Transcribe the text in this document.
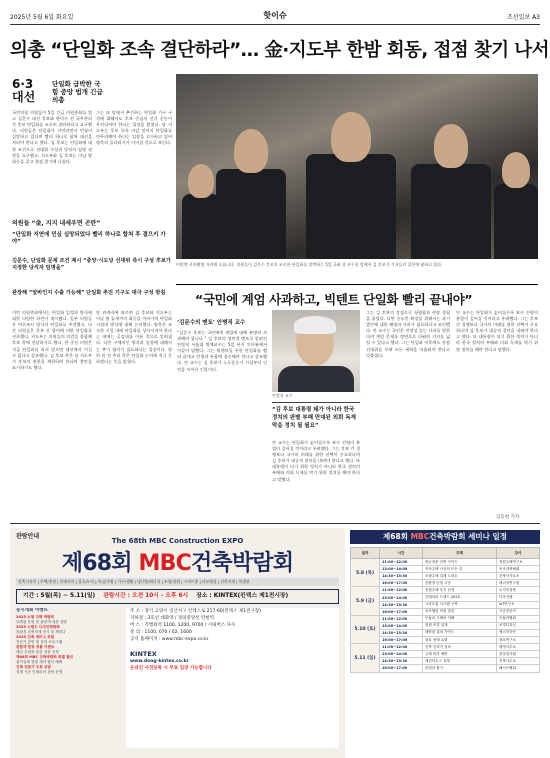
2025년 5월 6일 화요일	핫이슈	조선일보 A3
의총 “단일화 조속 결단하라”… 金·지도부 한밤 회동, 접점 찾기 나서
6·3 대선
단일화 급박한 국힘 중앙 법개 긴급의총
국민의힘 의원들이 5일 긴급 의원총회를 열고 김문수 대선 후보와 한덕수 전 국무총리 간 후보 단일화를 조속히 결단하라고 요구했다. 의원들은 단일화가 지연되면서 민심이 실망하고 있다며 빨리 하나로 합쳐 대선을 치러야 한다고 했다. 김 후보는 단일화에 대한 조건으로 선대위 구성과 당직자 임명 권한을 요구했고, 지도부와 김 후보는 이날 밤 회동을 갖고 접점 찾기에 나섰다.
그는 또 당에서 추진하는 단일화 기구 구성에 대해서도 후보 중심의 선거 운동이 우선되어야 한다는 입장을 밝혔다. 당 지도부는 후보 등록 마감 전까지 단일화를 마무리해야 한다는 입장을 고수하고 있어 양측의 줄다리기가 이어질 것으로 보인다.
의원들 “金, 지지 내세우면 곤란”
“단일화 지연에 민심 실망되었다 빨리 하나로 합쳐 후 결으키 가야”
김문수, 단일화 문제 조건 제시 “중앙·시도당 선대위 즉시 구성 후보가 지정한 당직자 임명을”
관장해 “알바인지 수출 가능해” 단일화 추진 기구도 대극 구성 방침
이번 의원총회에서는 단일화 일정과 방식에 대한 다양한 의견이 제시됐다. 일부 의원들은 여론조사 방식의 단일화를 주장했고, 다른 의원들은 후보 간 합의에 의한 단일화를 선호했다. 지도부는 의원들의 의견을 종합해 후보 측에 전달하기로 했다. 한 중진 의원은 지금 단일화를 하지 않으면 대선에서 이길 수 없다고 강조했다. 김 후보 측은 당 지도부가 후보의 권한을 제한하려 한다며 불만을 표시하기도 했다.
당 관계자에 따르면 김 후보와 지도부는 이날 밤 늦게까지 회동을 이어가며 단일화 시점과 방식에 대해 논의했다. 양측은 조속한 시일 내에 단일화를 성사시켜야 한다는 데에는 공감대를 이룬 것으로 알려졌다. 다만 구체적인 방식과 일정에 대해서는 추가 협의가 필요하다는 입장이다. 한편 한 전 총리 측은 단일화 논의에 적극 응하겠다는 뜻을 밝혔다.
이번엔 사진촬영 자리에 오릅니다. 의원들이 김문수 후보의 조속한 단일화를 압박하는 5일 국회 당 사무실 앞에서 김 후보가 기자들의 질문에 답하고 있다.
“국민에 계엄 사과하고, 빅텐트 단일화 빨리 끝내야”
‘김문수의 멘토’ 안병직 교수
“김문수 후보는 국민에게 계엄에 대해 분명히 사과해야 합니다.” 김 후보의 정치적 멘토로 알려진 안병직 서울대 명예교수는 5일 본지 인터뷰에서 이같이 말했다. 그는 빅텐트를 통한 단일화를 빨리 끝내고 민생과 통합에 집중해야 한다고 강조했다. 안 교수는 김 후보가 노동운동가 시절부터 인연을 이어온 인물이다.
안병직 교수
“김 후보 대통령 돼가 아니라 한국 정치의 판별 부패 만대된 외회 독재 막을 정치 될 필요”
안 교수는 단일화가 늦어질수록 보수 진영의 분열이 깊어질 것이라고 우려했다. 그는 후보 간 경쟁보다 국가의 미래를 위한 선택이 중요하다며 김 후보가 대승적 결단을 내려야 한다고 했다. 또 대통령이 되기 위한 정치가 아니라 한국 정치의 부패와 의회 독재를 막기 위한 정치를 해야 한다고 말했다.
그는 김 후보의 강점으로 청렴함과 현장 경험을 꼽았다. 다만 중도층 확장을 위해서는 과거 발언에 대한 해명과 사과가 필요하다고 조언했다. 안 교수는 국민은 진정성 있는 사과를 원한다며 계엄 문제를 정면으로 다뤄야 지지를 넓힐 수 있다고 했다. 그는 단일화 이후에도 통합 선대위를 꾸려 모든 세력을 아울러야 한다고 덧붙였다.
안 교수는 단일화가 늦어질수록 보수 진영의 분열이 깊어질 것이라고 우려했다. 그는 후보 간 경쟁보다 국가의 미래를 위한 선택이 중요하다며 김 후보가 대승적 결단을 내려야 한다고 했다. 또 대통령이 되기 위한 정치가 아니라 한국 정치의 부패와 의회 독재를 막기 위한 정치를 해야 한다고 말했다.
김동현 기자
관람안내
The 68th MBC Construction EXPO
제68회 MBC건축박람회
건축디자인 | 주택/전원 | 인테리어 | 창호/도어 | 욕실/주방 | 가구/생활 | 냉난방/에너지 | 조경/정원 | 스마트홈 | 리모델링 | 건축자재 | 특별관
기간 : 5월(목) ~ 5.11(일) 관람시간 : 오전 10시 - 오후 6시 장소 : KINTEX(킨텍스 제1전시장)
동시개최 이벤트
2025 소형 주택 박람회
특별관 운영 및 관람객 대상 상담
2025 스탠드 디자인박람회
친환경 건축자재 전시 및 세미나
2025 건축 세미나 포럼
전문가 강연 및 상담 프로그램
관람객 현장 경품 이벤트
매일 추첨을 통한 경품 증정
제68회 MBC 건축박람회 특별 할인
참가업체 현장 계약 할인 혜택
건축 전문가 무료 상담
설계 시공 인테리어 상담 운영
주 소 : 경기 고양시 일산서구 킨텍스로 217-60(킨텍스 제1전시장)
지하철 : 3호선 대화역 / 경의중앙선 탄현역
버 스 : 직행좌석 1100, 1200, 9700 / 시내버스 다수
문 의 : 1100, 070 / 02, 1600
공식 홈페이지 : www.mbc-expo.co.kr
KINTEX
www.dong-kintex.co.kr
온라인 사전등록 시 무료 입장 가능합니다
제68회 MBC건축박람회 세미나 일정
일자	시간	주제	강사
5.8 (목)	11:00~12:00	귀농귀촌 건축 가이드	전원주택연구소
	13:00~14:00	목조주택 시공의 모든 것	목조건축협회
	14:30~15:30	소형주택 설계 노하우	건축사사무소
	16:00~17:00	친환경 단열 시공	에너지연구원
5.9 (금)	11:00~12:00	전원주택 부지 선정	토지컨설팅
	13:00~14:00	인테리어 트렌드 2025	디자인랩
	14:30~15:30	스마트홈 시스템 구축	IoT연구소
	16:00~17:00	리모델링 비용 절감	시공전문가
5.10 (토)	11:00~12:00	모듈러 주택의 이해	모듈러협회
	13:00~14:00	정원 조경 설계	조경디자인
	14:30~15:30	태양광 설치 가이드	에너지공단
	16:00~17:00	창호 선택 요령	창호연구소
5.11 (일)	11:00~12:00	건축 인허가 절차	행정사무소
	13:00~14:00	주택 하자 예방	품질검사원
	14:30~15:30	세컨하우스 설계	건축사무소
	16:00~17:00	단열과 환기	패시브협회
